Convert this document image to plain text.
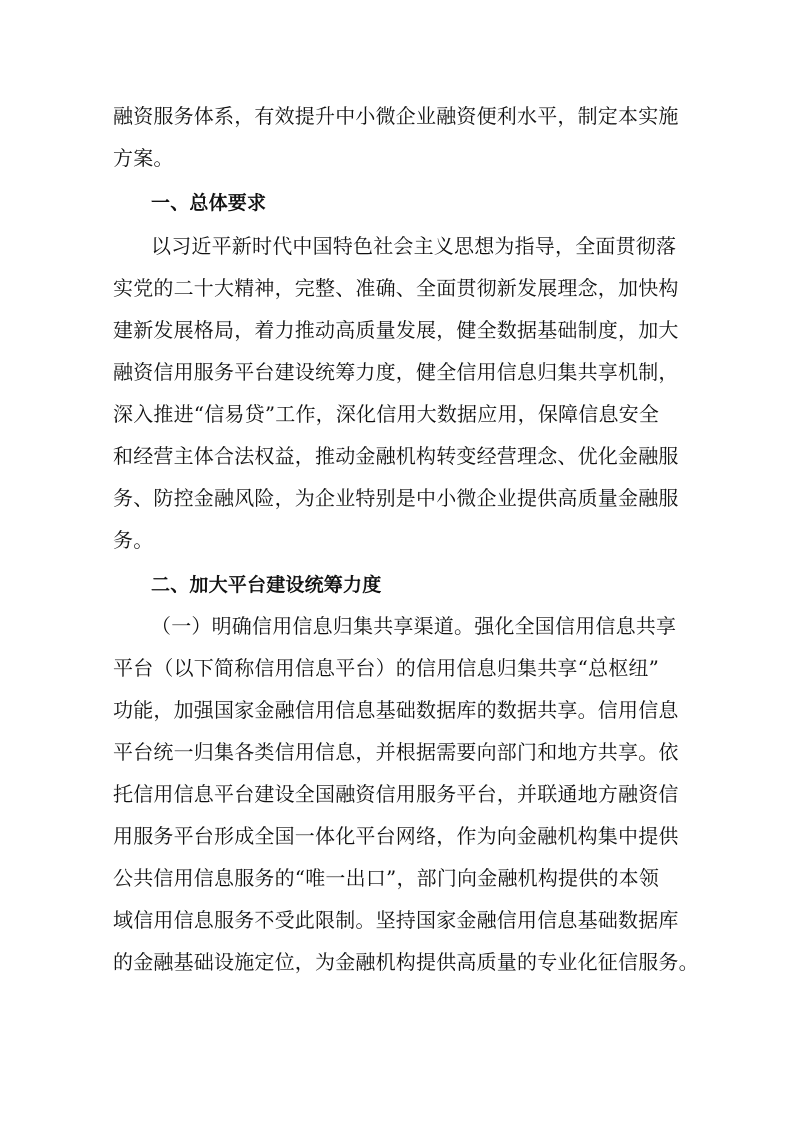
融资服务体系，有效提升中小微企业融资便利水平，制定本实施
方案。
一、总体要求
以习近平新时代中国特色社会主义思想为指导，全面贯彻落
实党的二十大精神，完整、准确、全面贯彻新发展理念，加快构
建新发展格局，着力推动高质量发展，健全数据基础制度，加大
融资信用服务平台建设统筹力度，健全信用信息归集共享机制，
深入推进“信易贷”工作，深化信用大数据应用，保障信息安全
和经营主体合法权益，推动金融机构转变经营理念、优化金融服
务、防控金融风险，为企业特别是中小微企业提供高质量金融服
务。
二、加大平台建设统筹力度
（一）明确信用信息归集共享渠道。强化全国信用信息共享
平台（以下简称信用信息平台）的信用信息归集共享“总枢纽”
功能，加强国家金融信用信息基础数据库的数据共享。信用信息
平台统一归集各类信用信息，并根据需要向部门和地方共享。依
托信用信息平台建设全国融资信用服务平台，并联通地方融资信
用服务平台形成全国一体化平台网络，作为向金融机构集中提供
公共信用信息服务的“唯一出口”，部门向金融机构提供的本领
域信用信息服务不受此限制。坚持国家金融信用信息基础数据库
的金融基础设施定位，为金融机构提供高质量的专业化征信服务。
